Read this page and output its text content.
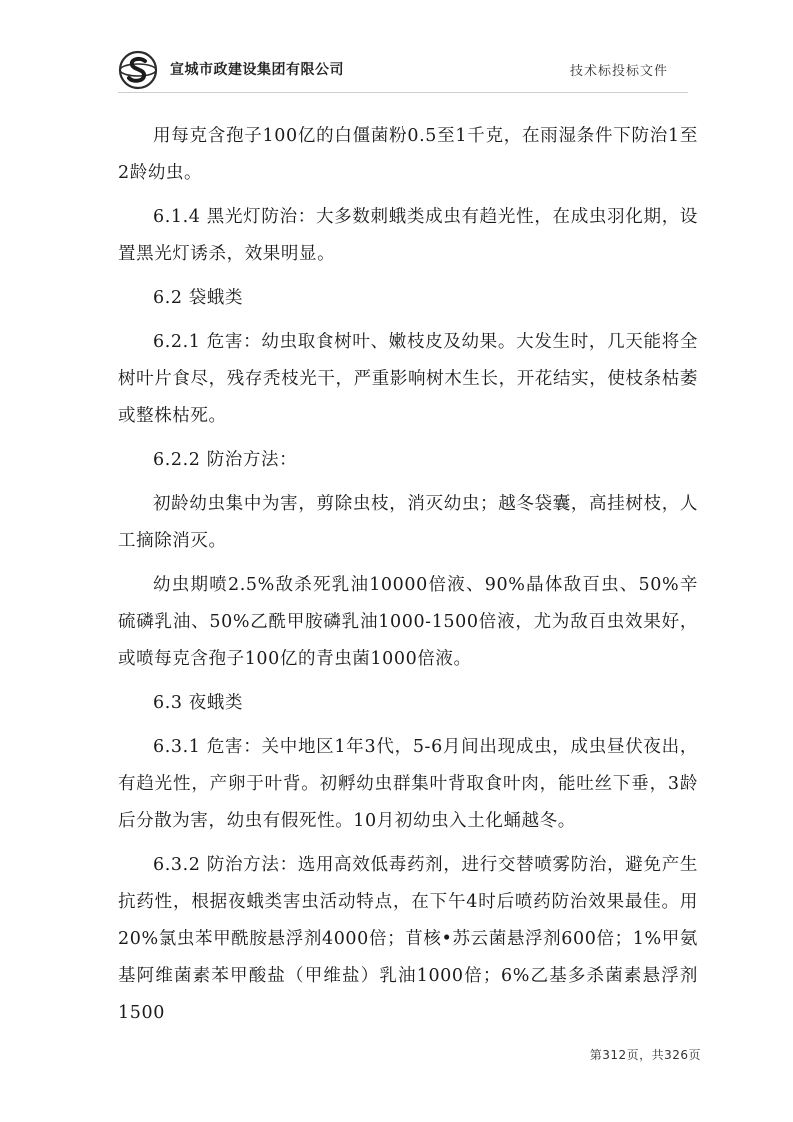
宣城市政建设集团有限公司	技术标投标文件

用每克含孢子100亿的白僵菌粉0.5至1千克，在雨湿条件下防治1至2龄幼虫。

6.1.4 黑光灯防治：大多数刺蛾类成虫有趋光性，在成虫羽化期，设置黑光灯诱杀，效果明显。

6.2 袋蛾类

6.2.1 危害：幼虫取食树叶、嫩枝皮及幼果。大发生时，几天能将全树叶片食尽，残存秃枝光干，严重影响树木生长，开花结实，使枝条枯萎或整株枯死。

6.2.2 防治方法：

初龄幼虫集中为害，剪除虫枝，消灭幼虫；越冬袋囊，高挂树枝，人工摘除消灭。

幼虫期喷2.5%敌杀死乳油10000倍液、90%晶体敌百虫、50%辛硫磷乳油、50%乙酰甲胺磷乳油1000-1500倍液，尤为敌百虫效果好，或喷每克含孢子100亿的青虫菌1000倍液。

6.3 夜蛾类

6.3.1 危害：关中地区1年3代，5-6月间出现成虫，成虫昼伏夜出，有趋光性，产卵于叶背。初孵幼虫群集叶背取食叶肉，能吐丝下垂，3龄后分散为害，幼虫有假死性。10月初幼虫入土化蛹越冬。

6.3.2 防治方法：选用高效低毒药剂，进行交替喷雾防治，避免产生抗药性，根据夜蛾类害虫活动特点，在下午4时后喷药防治效果最佳。用20%氯虫苯甲酰胺悬浮剂4000倍；苜核•苏云菌悬浮剂600倍；1%甲氨基阿维菌素苯甲酸盐（甲维盐）乳油1000倍；6%乙基多杀菌素悬浮剂1500

第312页，共326页
